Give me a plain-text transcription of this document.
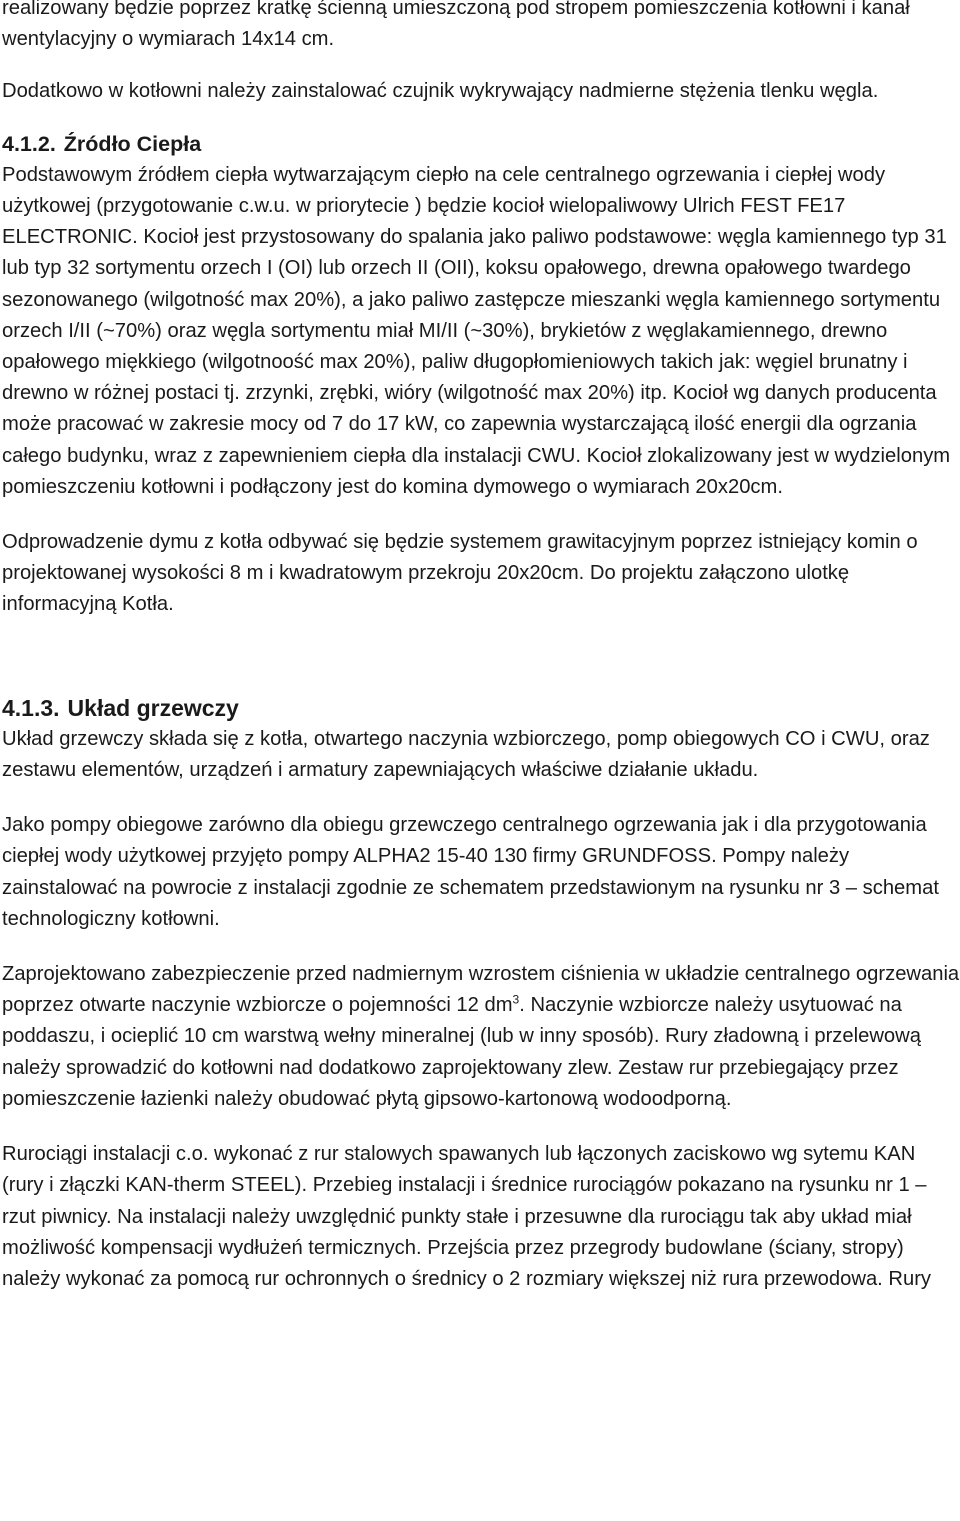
realizowany będzie poprzez kratkę ścienną umieszczoną pod stropem pomieszczenia kotłowni i kanał wentylacyjny o wymiarach 14x14 cm.

Dodatkowo w kotłowni należy zainstalować czujnik wykrywający nadmierne stężenia tlenku węgla.

4.1.2. Źródło Ciepła

Podstawowym źródłem ciepła wytwarzającym ciepło na cele centralnego ogrzewania i ciepłej wody użytkowej (przygotowanie c.w.u. w priorytecie ) będzie kocioł wielopaliwowy Ulrich FEST FE17 ELECTRONIC. Kocioł jest przystosowany do spalania jako paliwo podstawowe: węgla kamiennego typ 31 lub typ 32 sortymentu orzech I (OI) lub orzech II (OII), koksu opałowego, drewna opałowego twardego sezonowanego (wilgotność max 20%), a jako paliwo zastępcze mieszanki węgla kamiennego sortymentu orzech I/II (~70%) oraz węgla sortymentu miał MI/II (~30%), brykietów z węglakamiennego, drewno opałowego miękkiego (wilgotnoość max 20%), paliw długopłomieniowych takich jak: węgiel brunatny i drewno w różnej postaci tj. zrzynki, zrębki, wióry (wilgotność max 20%) itp. Kocioł wg danych producenta może pracować w zakresie mocy od 7 do 17 kW, co zapewnia wystarczającą ilość energii dla ogrzania całego budynku, wraz z zapewnieniem ciepła dla instalacji CWU. Kocioł zlokalizowany jest w wydzielonym pomieszczeniu kotłowni i podłączony jest do komina dymowego o wymiarach 20x20cm.

Odprowadzenie dymu z kotła odbywać się będzie systemem grawitacyjnym poprzez istniejący komin o projektowanej wysokości 8 m i kwadratowym przekroju 20x20cm. Do projektu załączono ulotkę informacyjną Kotła.

4.1.3. Układ grzewczy

Układ grzewczy składa się z kotła, otwartego naczynia wzbiorczego, pomp obiegowych CO i CWU, oraz zestawu elementów, urządzeń i armatury zapewniających właściwe działanie układu.

Jako pompy obiegowe zarówno dla obiegu grzewczego centralnego ogrzewania jak i dla przygotowania ciepłej wody użytkowej przyjęto pompy ALPHA2 15-40 130 firmy GRUNDFOSS. Pompy należy zainstalować na powrocie z instalacji zgodnie ze schematem przedstawionym na rysunku nr 3 – schemat technologiczny kotłowni.

Zaprojektowano zabezpieczenie przed nadmiernym wzrostem ciśnienia w układzie centralnego ogrzewania poprzez otwarte naczynie wzbiorcze o pojemności 12 $dm^3$. Naczynie wzbiorcze należy usytuować na poddaszu, i ocieplić 10 cm warstwą wełny mineralnej (lub w inny sposób). Rury zładowną i przelewową należy sprowadzić do kotłowni nad dodatkowo zaprojektowany zlew. Zestaw rur przebiegający przez pomieszczenie łazienki należy obudować płytą gipsowo-kartonową wodoodporną.

Rurociągi instalacji c.o. wykonać z rur stalowych spawanych lub łączonych zaciskowo wg sytemu KAN (rury i złączki KAN-therm STEEL). Przebieg instalacji i średnice rurociągów pokazano na rysunku nr 1 – rzut piwnicy. Na instalacji należy uwzględnić punkty stałe i przesuwne dla rurociągu tak aby układ miał możliwość kompensacji wydłużeń termicznych. Przejścia przez przegrody budowlane (ściany, stropy) należy wykonać za pomocą rur ochronnych o średnicy o 2 rozmiary większej niż rura przewodowa. Rury
